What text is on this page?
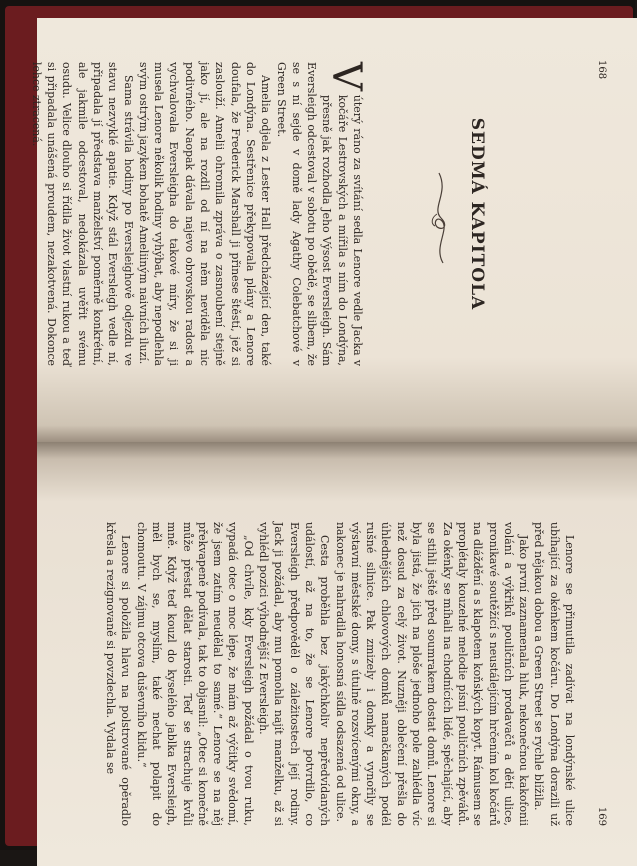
168
SEDMÁ KAPITOLA

V
úterý ráno za svítání sedla Lenore vedle Jacka v kočáře Lestrovských a mířila s ním do Londýna, přesně jak rozhodla Jeho Výsost Eversleigh. Sám Eversleigh odcestoval v sobotu po obědě, se slibem, že se s ní sejde v domě lady Agathy Colebatchové v Green Street.

Amelia odjela z Lester Hall předcházející den, také do Londýna. Sestřenice překypovala plány a Lenore doufala, že Frederick Marshall ji přinese štěstí, jež si zaslouží. Amelii ohromila zpráva o zasnoubení stejně jako jí, ale na rozdíl od ní na něm neviděla nic podivného. Naopak dávala najevo obrovskou radost a vychvalovala Eversleigha do takové míry, že si ji musela Lenore několik hodiny vyhýbat, aby nepodlehla svým ostrým jazykem bohatě Ameliiným naivních iluzí.

Sama strávila hodiny po Eversleighově odjezdu ve stavu nezvyklé apatie. Když stál Eversleigh vedle ní, připadala jí představa manželství poměrně konkrétní, ale jakmile odcestoval, nedokázala uvěřit svému osudu. Velice dlouho si řídila život vlastní rukou a teď si připadala unášená proudem, nezakotvená. Dokonce lehce ztracená.

169

Lenore se přimutila zadívat na londýnské ulice ubíhající za okénkem kočáru. Do Londýna dorazili už před nějakou dobou a Green Street se rychle blížila.

Jako první zaznamenala hluk, nekonečnou kakofonii volání a výkřiků pouličních prodavačů a dětí ulice, pronikavé soutěžící s neustálejícím hrčením kol kočárů na dláždění a s klapotem koňských kopyt. Rámusem se proplétaly kouzelné melodie písní pouličních zpěváků. Za okénky se míhali na chodnících lidé, spěchající, aby se stihli ještě před soumrakem dostat domů. Lenore si byla jistá, že jich na ploše jednoho pole zahlédla víc než dosud za celý život. Nuzněji oblečení přešla do úhlednějších chlovových domků namačkaných podél rušné silnice. Pak zmizely i domky a vynořily se výstavní městské domy, s útulně rozsvícenými okny, a nakonec je nahradila honosná sídla odsazená od ulice.

Cesta proběhla bez jakýchkoliv nepředvídaných událostí, až na to, že se Lenore potvrdilo, co Eversleigh předpověděl o záležitostech její rodiny. Jack ji požádal, aby mu pomohla najít manželku, až si vyhlédl pozici výhodnější z Eversleigh.

„Od chvíle, kdy Eversleigh požádal o tvou ruku, vypadá otec o moc lépe, že mám až výčitky svědomí, že jsem zatím neudělal to samé.“ Lenore se na něj překvapeně podívala, tak to objasnil: „Otec si konečně může přestat dělat starosti. Teď se strachuje kvůli mně. Když teď kouzl do kyselého jablka Eversleigh, měl bych se, myslím, také nechat polapit do chomoutu. V zájmu otcova duševního klidu.“

Lenore si položila hlavu na polstrované opěradlo křesla a rezignovaně si povzdechla. Vydala se
